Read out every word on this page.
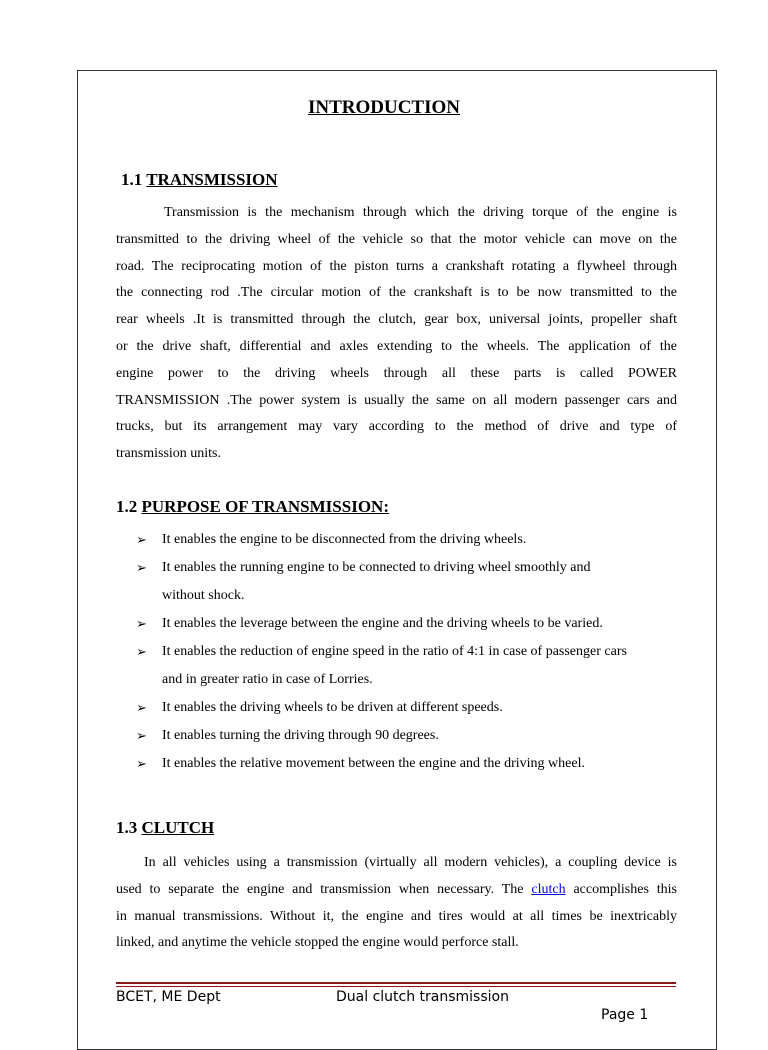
INTRODUCTION
1.1 TRANSMISSION
Transmission is the mechanism through which the driving torque of the engine is
transmitted to the driving wheel of the vehicle so that the motor vehicle can move on the
road. The reciprocating motion of the piston turns a crankshaft rotating a flywheel through
the connecting rod .The circular motion of the crankshaft is to be now transmitted to the
rear wheels .It is transmitted through the clutch, gear box, universal joints, propeller shaft
or the drive shaft, differential and axles extending to the wheels. The application of the
engine power to the driving wheels through all these parts is called POWER
TRANSMISSION .The power system is usually the same on all modern passenger cars and
trucks, but its arrangement may vary according to the method of drive and type of
transmission units.
1.2 PURPOSE OF TRANSMISSION:
➢ It enables the engine to be disconnected from the driving wheels.
➢ It enables the running engine to be connected to driving wheel smoothly and without shock.
➢ It enables the leverage between the engine and the driving wheels to be varied.
➢ It enables the reduction of engine speed in the ratio of 4:1 in case of passenger cars and in greater ratio in case of Lorries.
➢ It enables the driving wheels to be driven at different speeds.
➢ It enables turning the driving through 90 degrees.
➢ It enables the relative movement between the engine and the driving wheel.
1.3 CLUTCH
In all vehicles using a transmission (virtually all modern vehicles), a coupling device is
used to separate the engine and transmission when necessary. The clutch accomplishes this
in manual transmissions. Without it, the engine and tires would at all times be inextricably
linked, and anytime the vehicle stopped the engine would perforce stall.

BCET, ME Dept	Dual clutch transmission

Page 1
